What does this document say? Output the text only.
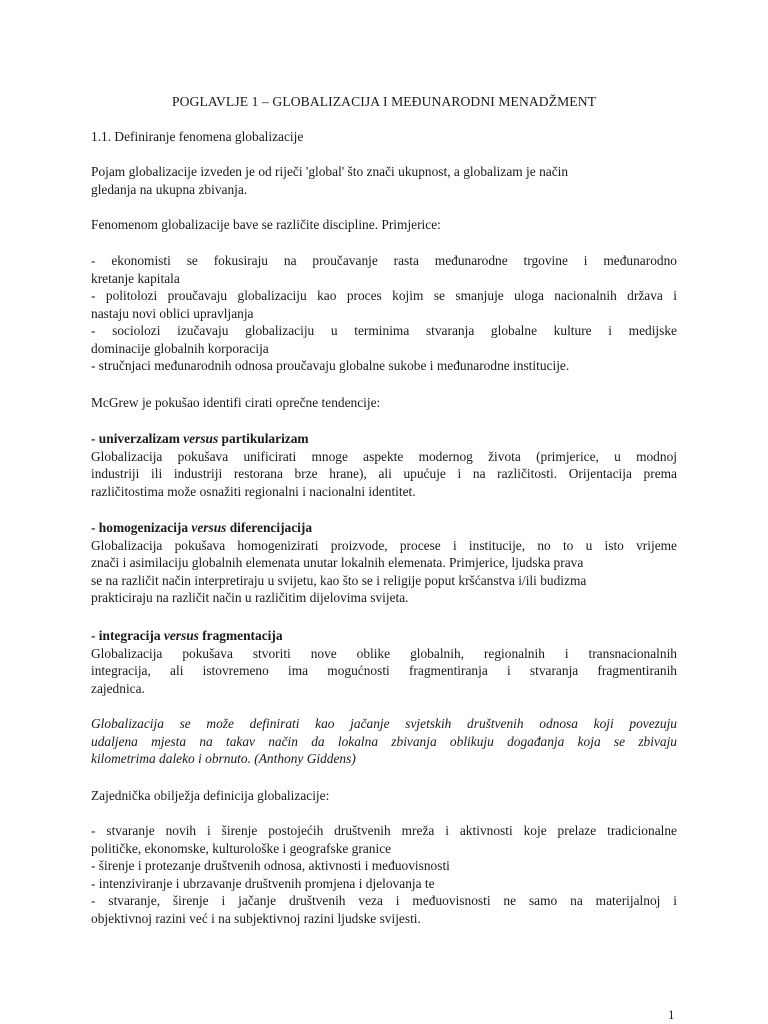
POGLAVLJE 1 – GLOBALIZACIJA I MEĐUNARODNI MENADŽMENT

1.1. Definiranje fenomena globalizacije

Pojam globalizacije izveden je od riječi 'global' što znači ukupnost, a globalizam je način
gledanja na ukupna zbivanja.

Fenomenom globalizacije bave se različite discipline. Primjerice:

- ekonomisti se fokusiraju na proučavanje rasta međunarodne trgovine i međunarodno
kretanje kapitala
- politolozi proučavaju globalizaciju kao proces kojim se smanjuje uloga nacionalnih država i
nastaju novi oblici upravljanja
- sociolozi izučavaju globalizaciju u terminima stvaranja globalne kulture i medijske
dominacije globalnih korporacija
- stručnjaci međunarodnih odnosa proučavaju globalne sukobe i međunarodne institucije.

McGrew je pokušao identifi cirati oprečne tendencije:

- univerzalizam versus partikularizam
Globalizacija pokušava unificirati mnoge aspekte modernog života (primjerice, u modnoj
industriji ili industriji restorana brze hrane), ali upućuje i na različitosti. Orijentacija prema
različitostima može osnažiti regionalni i nacionalni identitet.

- homogenizacija versus diferencijacija
Globalizacija pokušava homogenizirati proizvode, procese i institucije, no to u isto vrijeme
znači i asimilaciju globalnih elemenata unutar lokalnih elemenata. Primjerice, ljudska prava
se na različit način interpretiraju u svijetu, kao što se i religije poput kršćanstva i/ili budizma
prakticiraju na različit način u različitim dijelovima svijeta.

- integracija versus fragmentacija
Globalizacija pokušava stvoriti nove oblike globalnih, regionalnih i transnacionalnih
integracija, ali istovremeno ima mogućnosti fragmentiranja i stvaranja fragmentiranih
zajednica.

Globalizacija se može definirati kao jačanje svjetskih društvenih odnosa koji povezuju
udaljena mjesta na takav način da lokalna zbivanja oblikuju događanja koja se zbivaju
kilometrima daleko i obrnuto. (Anthony Giddens)

Zajednička obilježja definicija globalizacije:

- stvaranje novih i širenje postojećih društvenih mreža i aktivnosti koje prelaze tradicionalne
političke, ekonomske, kulturološke i geografske granice
- širenje i protezanje društvenih odnosa, aktivnosti i međuovisnosti
- intenziviranje i ubrzavanje društvenih promjena i djelovanja te
- stvaranje, širenje i jačanje društvenih veza i međuovisnosti ne samo na materijalnoj i
objektivnoj razini već i na subjektivnoj razini ljudske svijesti.

1
